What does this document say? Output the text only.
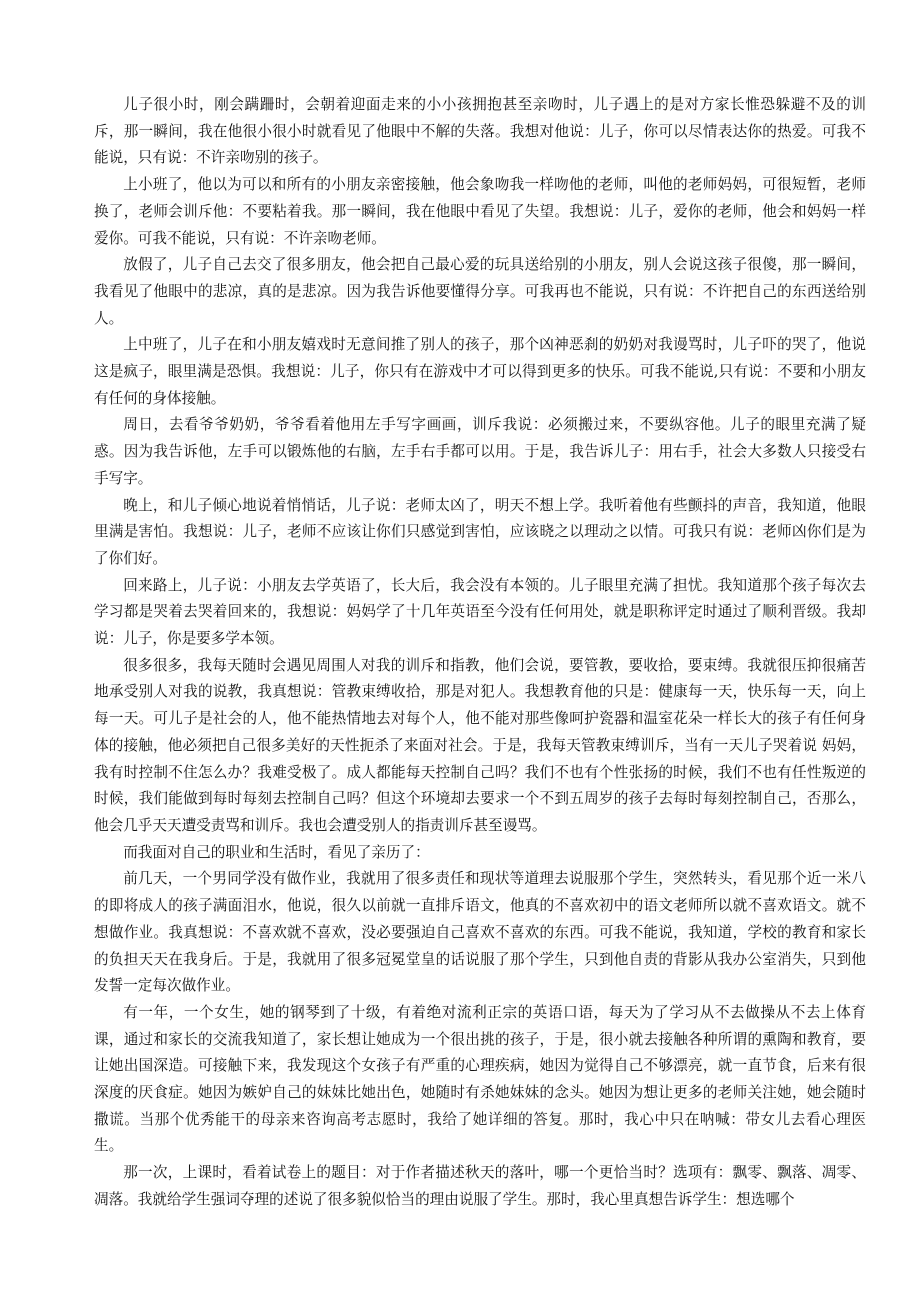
儿子很小时，刚会蹒跚时，会朝着迎面走来的小小孩拥抱甚至亲吻时，儿子遇上的是对方家长惟恐躲避不及的训斥，那一瞬间，我在他很小很小时就看见了他眼中不解的失落。我想对他说：儿子，你可以尽情表达你的热爱。可我不能说，只有说：不许亲吻别的孩子。

上小班了，他以为可以和所有的小朋友亲密接触，他会象吻我一样吻他的老师，叫他的老师妈妈，可很短暂，老师换了，老师会训斥他：不要粘着我。那一瞬间，我在他眼中看见了失望。我想说：儿子，爱你的老师，他会和妈妈一样爱你。可我不能说，只有说：不许亲吻老师。

放假了，儿子自己去交了很多朋友，他会把自己最心爱的玩具送给别的小朋友，别人会说这孩子很傻，那一瞬间，我看见了他眼中的悲凉，真的是悲凉。因为我告诉他要懂得分享。可我再也不能说，只有说：不许把自己的东西送给别人。

上中班了，儿子在和小朋友嬉戏时无意间推了别人的孩子，那个凶神恶刹的奶奶对我谩骂时，儿子吓的哭了，他说这是疯子，眼里满是恐惧。我想说：儿子，你只有在游戏中才可以得到更多的快乐。可我不能说,只有说：不要和小朋友有任何的身体接触。

周日，去看爷爷奶奶，爷爷看着他用左手写字画画，训斥我说：必须搬过来，不要纵容他。儿子的眼里充满了疑惑。因为我告诉他，左手可以锻炼他的右脑，左手右手都可以用。于是，我告诉儿子：用右手，社会大多数人只接受右手写字。

晚上，和儿子倾心地说着悄悄话，儿子说：老师太凶了，明天不想上学。我听着他有些颤抖的声音，我知道，他眼里满是害怕。我想说：儿子，老师不应该让你们只感觉到害怕，应该晓之以理动之以情。可我只有说：老师凶你们是为了你们好。

回来路上，儿子说：小朋友去学英语了，长大后，我会没有本领的。儿子眼里充满了担忧。我知道那个孩子每次去学习都是哭着去哭着回来的，我想说：妈妈学了十几年英语至今没有任何用处，就是职称评定时通过了顺利晋级。我却说：儿子，你是要多学本领。

很多很多，我每天随时会遇见周围人对我的训斥和指教，他们会说，要管教，要收拾，要束缚。我就很压抑很痛苦地承受别人对我的说教，我真想说：管教束缚收拾，那是对犯人。我想教育他的只是：健康每一天，快乐每一天，向上每一天。可儿子是社会的人，他不能热情地去对每个人，他不能对那些像呵护瓷器和温室花朵一样长大的孩子有任何身体的接触，他必须把自己很多美好的天性扼杀了来面对社会。于是，我每天管教束缚训斥，当有一天儿子哭着说 妈妈，我有时控制不住怎么办？我难受极了。成人都能每天控制自己吗？我们不也有个性张扬的时候，我们不也有任性叛逆的时候，我们能做到每时每刻去控制自己吗？但这个环境却去要求一个不到五周岁的孩子去每时每刻控制自己，否那么，他会几乎天天遭受责骂和训斥。我也会遭受别人的指责训斥甚至谩骂。

而我面对自己的职业和生活时，看见了亲历了：

前几天，一个男同学没有做作业，我就用了很多责任和现状等道理去说服那个学生，突然转头，看见那个近一米八的即将成人的孩子满面泪水，他说，很久以前就一直排斥语文，他真的不喜欢初中的语文老师所以就不喜欢语文。就不想做作业。我真想说：不喜欢就不喜欢，没必要强迫自己喜欢不喜欢的东西。可我不能说，我知道，学校的教育和家长的负担天天在我身后。于是，我就用了很多冠冕堂皇的话说服了那个学生，只到他自责的背影从我办公室消失，只到他发誓一定每次做作业。

有一年，一个女生，她的钢琴到了十级，有着绝对流利正宗的英语口语，每天为了学习从不去做操从不去上体育课，通过和家长的交流我知道了，家长想让她成为一个很出挑的孩子，于是，很小就去接触各种所谓的熏陶和教育，要让她出国深造。可接触下来，我发现这个女孩子有严重的心理疾病，她因为觉得自己不够漂亮，就一直节食，后来有很深度的厌食症。她因为嫉妒自己的妹妹比她出色，她随时有杀她妹妹的念头。她因为想让更多的老师关注她，她会随时撒谎。当那个优秀能干的母亲来咨询高考志愿时，我给了她详细的答复。那时，我心中只在呐喊：带女儿去看心理医生。

那一次，上课时，看着试卷上的题目：对于作者描述秋天的落叶，哪一个更恰当时？选项有：飘零、飘落、凋零、凋落。我就给学生强词夺理的述说了很多貌似恰当的理由说服了学生。那时，我心里真想告诉学生：想选哪个
